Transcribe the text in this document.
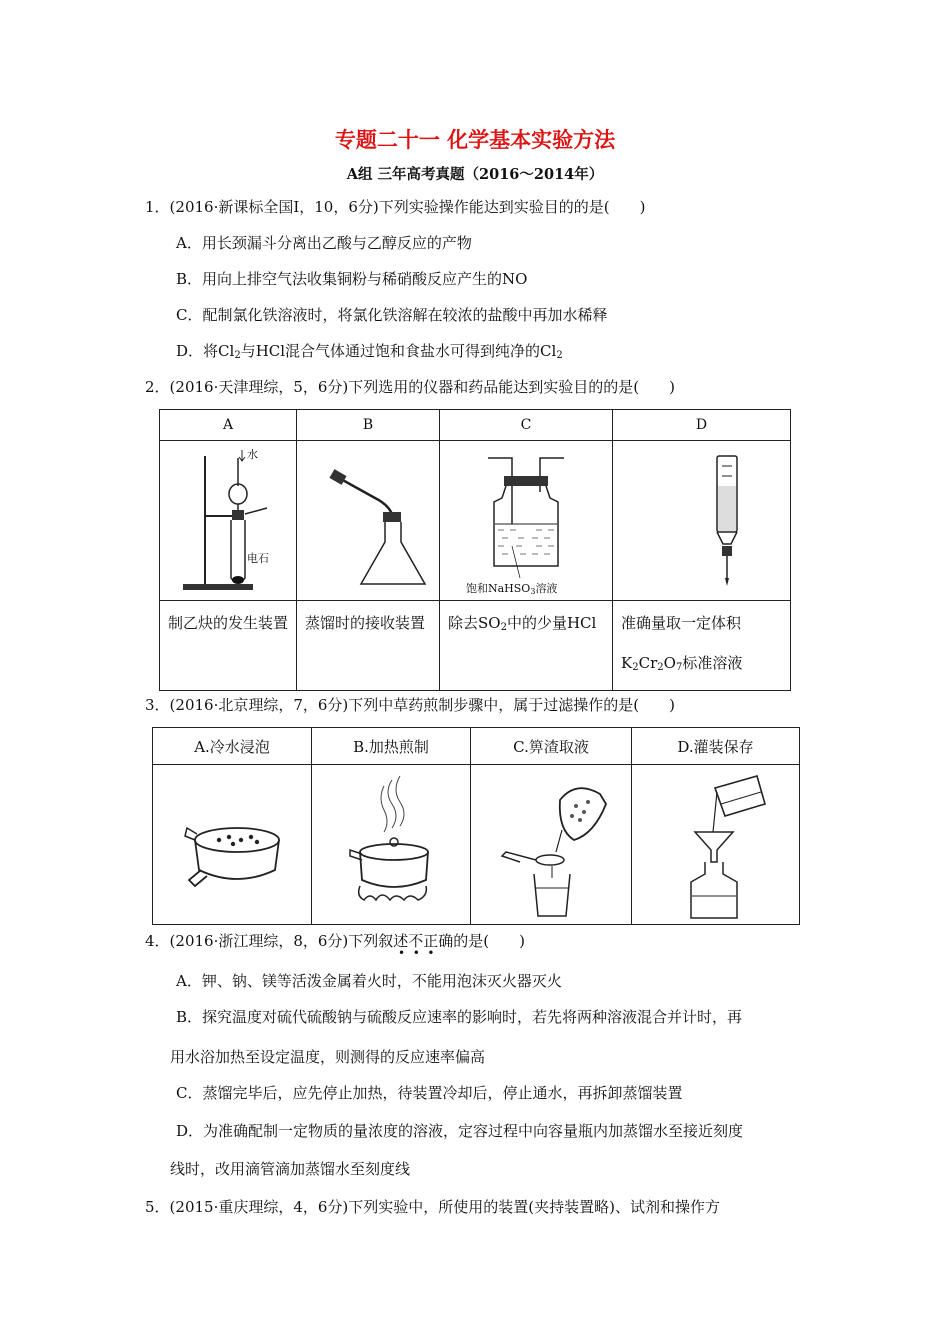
专题二十一 化学基本实验方法
A组 三年高考真题（2016～2014年）
1．(2016·新课标全国Ⅰ，10，6分)下列实验操作能达到实验目的的是(　　)
A．用长颈漏斗分离出乙酸与乙醇反应的产物
B．用向上排空气法收集铜粉与稀硝酸反应产生的NO
C．配制氯化铁溶液时，将氯化铁溶解在较浓的盐酸中再加水稀释
D．将$Cl_2$与HCl混合气体通过饱和食盐水可得到纯净的$Cl_2$
2．(2016·天津理综，5，6分)下列选用的仪器和药品能达到实验目的的是(　　)
A	B	C	D

水
电石		饱和NaHSO3溶液

制乙炔的发生装置	蒸馏时的接收装置	除去$SO_2$中的少量HCl	准确量取一定体积
$K_2Cr_2O_7$标准溶液
3．(2016·北京理综，7，6分)下列中草药煎制步骤中，属于过滤操作的是(　　)
A.冷水浸泡	B.加热煎制	C.箅渣取液	D.灌装保存

4．(2016·浙江理综，8，6分)下列叙述不正确的是(　　)
•  •  •
A．钾、钠、镁等活泼金属着火时，不能用泡沫灭火器灭火
B．探究温度对硫代硫酸钠与硫酸反应速率的影响时，若先将两种溶液混合并计时，再
用水浴加热至设定温度，则测得的反应速率偏高
C．蒸馏完毕后，应先停止加热，待装置冷却后，停止通水，再拆卸蒸馏装置
D．为准确配制一定物质的量浓度的溶液，定容过程中向容量瓶内加蒸馏水至接近刻度
线时，改用滴管滴加蒸馏水至刻度线
5．(2015·重庆理综，4，6分)下列实验中，所使用的装置(夹持装置略)、试剂和操作方
